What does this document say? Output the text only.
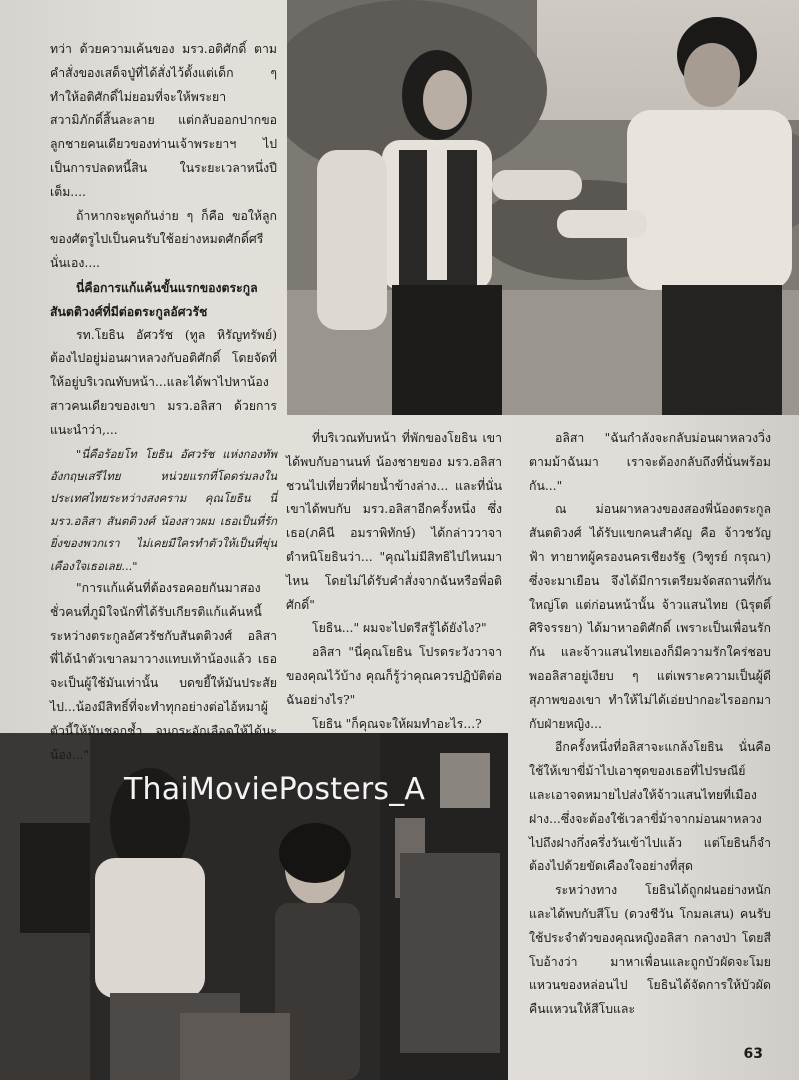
ThaiMoviePosters_A

ทว่า ด้วยความเค้นของ มรว.อติศักดิ์ ตามคำสั่งของเสด็จปู่ที่ได้สั่งไว้ตั้งแต่เด็ก ๆ ทำให้อติศักดิ์ไม่ยอมที่จะให้พระยาสวามิภักดิ์สิ้นละลาย แต่กลับออกปากขอลูกชายคนเดียวของท่านเจ้าพระยาฯ ไปเป็นการปลดหนี้สิน ในระยะเวลาหนึ่งปีเต็ม....

ถ้าหากจะพูดกันง่าย ๆ ก็คือ ขอให้ลูกของศัตรูไปเป็นคนรับใช้อย่างหมดศักดิ์ศรีนั่นเอง....

นี่คือการแก้แค้นขั้นแรกของตระกูลสันตติวงศ์ที่มีต่อตระกูลอัศวรัช

รท.โยธิน อัศวรัช (ทูล หิรัญทรัพย์) ต้องไปอยู่ม่อนผาหลวงกับอติศักดิ์ โดยจัดที่ให้อยู่บริเวณทับหน้า...และได้พาไปหาน้องสาวคนเดียวของเขา มรว.อลิสา ด้วยการแนะนำว่า,...

"นี่คือร้อยโท โยธิน อัศวรัช แห่งกองทัพอังกฤษเสรีไทย หน่วยแรกที่โดดร่มลงในประเทศไทยระหว่างสงคราม คุณโยธิน นี่ มรว.อลิสา สันตติวงศ์ น้องสาวผม เธอเป็นที่รักยิ่งของพวกเรา ไม่เคยมีใครทำตัวให้เป็นที่ขุ่นเคืองใจเธอเลย..."

"การแก้แค้นที่ต้องรอคอยกันมาสองชั่วคนที่ภูมิใจนักที่ได้รับเกียรติแก้แค้นหนี้ระหว่างตระกูลอัศวรัชกับสันตติวงศ์ อลิสา พี่ได้นำตัวเขาลมาวางแทบเท้าน้องแล้ว เธอจะเป็นผู้ใช้มันเท่านั้น บดขยี้ให้มันประสัยไป...น้องมีสิทธิ์ที่จะทำทุกอย่างต่อไอ้หมาผู้ตัวนี้ให้มันชอกช้ำ จนกระอักเลือดให้ได้นะน้อง..."

ที่บริเวณทับหน้า ที่พักของโยธิน เขาได้พบกับอานนท์ น้องชายของ มรว.อลิสา ชวนไปเที่ยวที่ฝายน้ำข้างล่าง... และที่นั่นเขาได้พบกับ มรว.อลิสาอีกครั้งหนึ่ง ซึ่งเธอ(ภคินี อมราพิทักษ์) ได้กล่าววาจาตำหนิโยธินว่า... "คุณไม่มีสิทธิไปไหนมาไหน โดยไม่ได้รับคำสั่งจากฉันหรือพี่อติศักดิ์"

โยธิน..." ผมจะไปตรีสรู้ได้ยังไง?"

อลิสา "นี่คุณโยธิน โปรดระวังวาจาของคุณไว้บ้าง คุณก็รู้ว่าคุณควรปฏิบัติต่อฉันอย่างไร?"

โยธิน "ก็คุณจะให้ผมทำอะไร...?

อลิสา "ฉันกำลังจะกลับม่อนผาหลวงวิ่งตามม้าฉันมา เราจะต้องกลับถึงที่นั่นพร้อมกัน..."

ณ ม่อนผาหลวงของสองพี่น้องตระกูลสันตติวงศ์ ได้รับแขกคนสำคัญ คือ จ้าวชวัญฟ้า ทายาทผู้ครองนครเชียงรัฐ (วิฑูรย์ กรุณา) ซึ่งจะมาเยือน จึงได้มีการเตรียมจัดสถานที่กันใหญ่โต แต่ก่อนหน้านั้น จ้าวแสนไทย (นิรุตติ์ ศิริจรรยา) ได้มาหาอติศักดิ์ เพราะเป็นเพื่อนรักกัน และจ้าวแสนไทยเองก็มีความรักใคร่ชอบพออลิสาอยู่เงียบ ๆ แต่เพราะความเป็นผู้ดี สุภาพของเขา ทำให้ไม่ได้เอ่ยปากอะไรออกมากับฝ่ายหญิง...

อีกครั้งหนึ่งที่อลิสาจะแกล้งโยธิน นั่นคือใช้ให้เขาขี่ม้าไปเอาชุดของเธอที่ไปรษณีย์ และเอาจดหมายไปส่งให้จ้าวแสนไทยที่เมืองฝาง...ซึ่งจะต้องใช้เวลาขี่ม้าจากม่อนผาหลวงไปถึงฝางกึ่งครึ่งวันเข้าไปแล้ว แต่โยธินก็จำต้องไปด้วยขัดเคืองใจอย่างที่สุด

ระหว่างทาง โยธินได้ถูกฝนอย่างหนัก และได้พบกับสีโบ (ดวงชีวัน โกมลเสน) คนรับใช้ประจำตัวของคุณหญิงอลิสา กลางป่า โดยสีโบอ้างว่า มาหาเพื่อนและถูกบัวผัดจะโมยแหวนของหล่อนไป โยธินได้จัดการให้บัวผัดคืนแหวนให้สีโบและ

63
